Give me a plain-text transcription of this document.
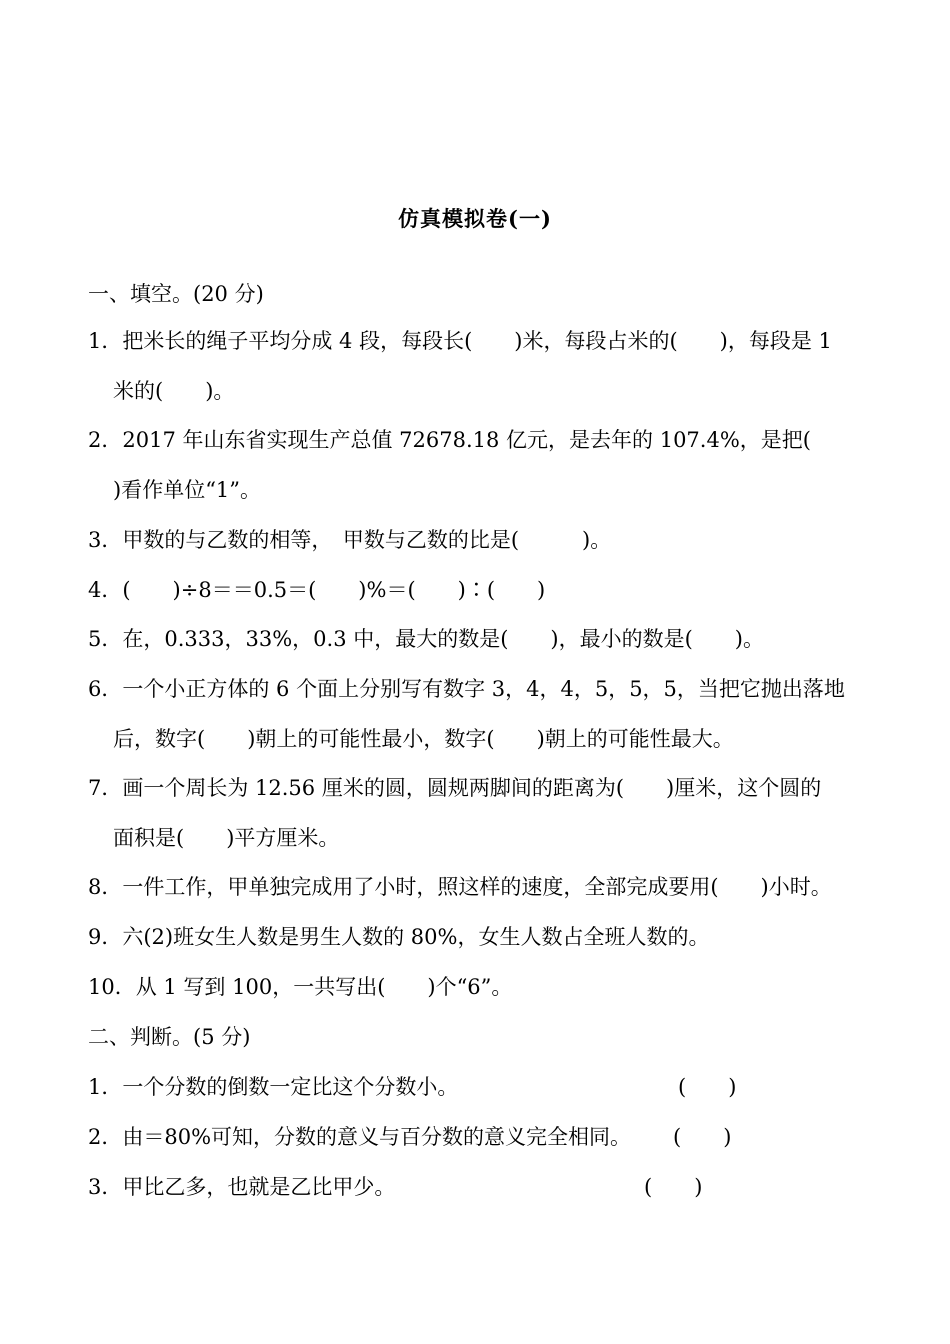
仿真模拟卷(一)
一、填空。(20 分)
1．把米长的绳子平均分成 4 段，每段长(　　)米，每段占米的(　　)，每段是 1
米的(　　)。
2．2017 年山东省实现生产总值 72678.18 亿元，是去年的 107.4%，是把(
)看作单位“1”。
3．甲数的与乙数的相等，　甲数与乙数的比是(　　　)。
4．(　　)÷8＝＝0.5＝(　　)%＝(　　)∶(　　)
5．在，0.333，33%，0.3 中，最大的数是(　　)，最小的数是(　　)。
6．一个小正方体的 6 个面上分别写有数字 3，4，4，5，5，5，当把它抛出落地
后，数字(　　)朝上的可能性最小，数字(　　)朝上的可能性最大。
7．画一个周长为 12.56 厘米的圆，圆规两脚间的距离为(　　)厘米，这个圆的
面积是(　　)平方厘米。
8．一件工作，甲单独完成用了小时，照这样的速度，全部完成要用(　　)小时。
9．六(2)班女生人数是男生人数的 80%，女生人数占全班人数的。
10．从 1 写到 100，一共写出(　　)个“6”。
二、判断。(5 分)
1．一个分数的倒数一定比这个分数小。	(　　)
2．由＝80%可知，分数的意义与百分数的意义完全相同。 (　　)
3．甲比乙多，也就是乙比甲少。	(　　)
